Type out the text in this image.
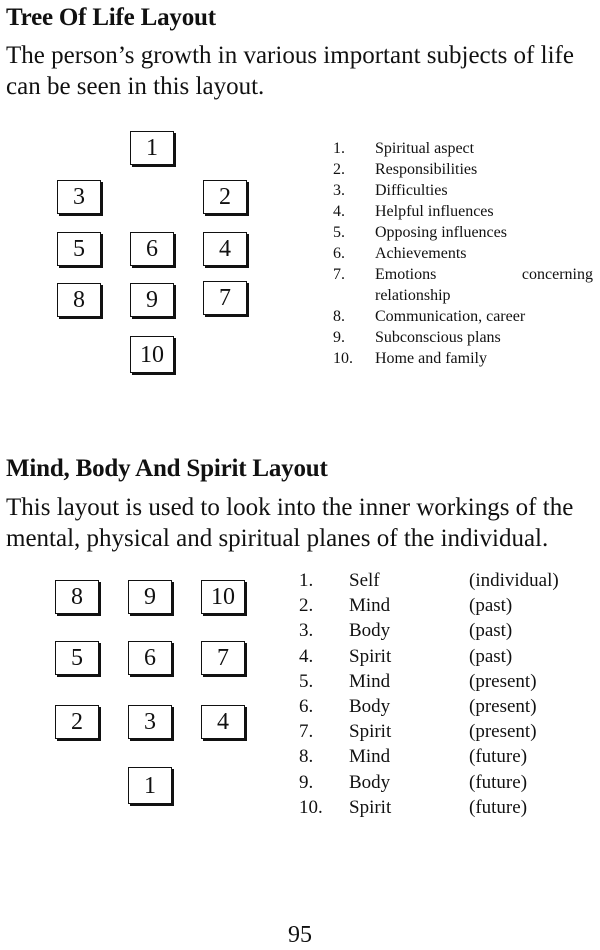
Tree Of Life Layout

The person’s growth in various important subjects of life can be seen in this layout.

1
3	2
5	6	4
8	9	7
10
1.	Spiritual aspect
2.	Responsibilities
3.	Difficulties
4.	Helpful influences
5.	Opposing influences
6.	Achievements
7.	Emotions concerning
relationship
8.	Communication, career
9.	Subconscious plans
10.	Home and family
Mind, Body And Spirit Layout

This layout is used to look into the inner workings of the mental, physical and spiritual planes of the individual.

8	9	10
5	6	7
2	3	4
1
1.	Self	(individual)
2.	Mind	(past)
3.	Body	(past)
4.	Spirit	(past)
5.	Mind	(present)
6.	Body	(present)
7.	Spirit	(present)
8.	Mind	(future)
9.	Body	(future)
10.	Spirit	(future)
95
